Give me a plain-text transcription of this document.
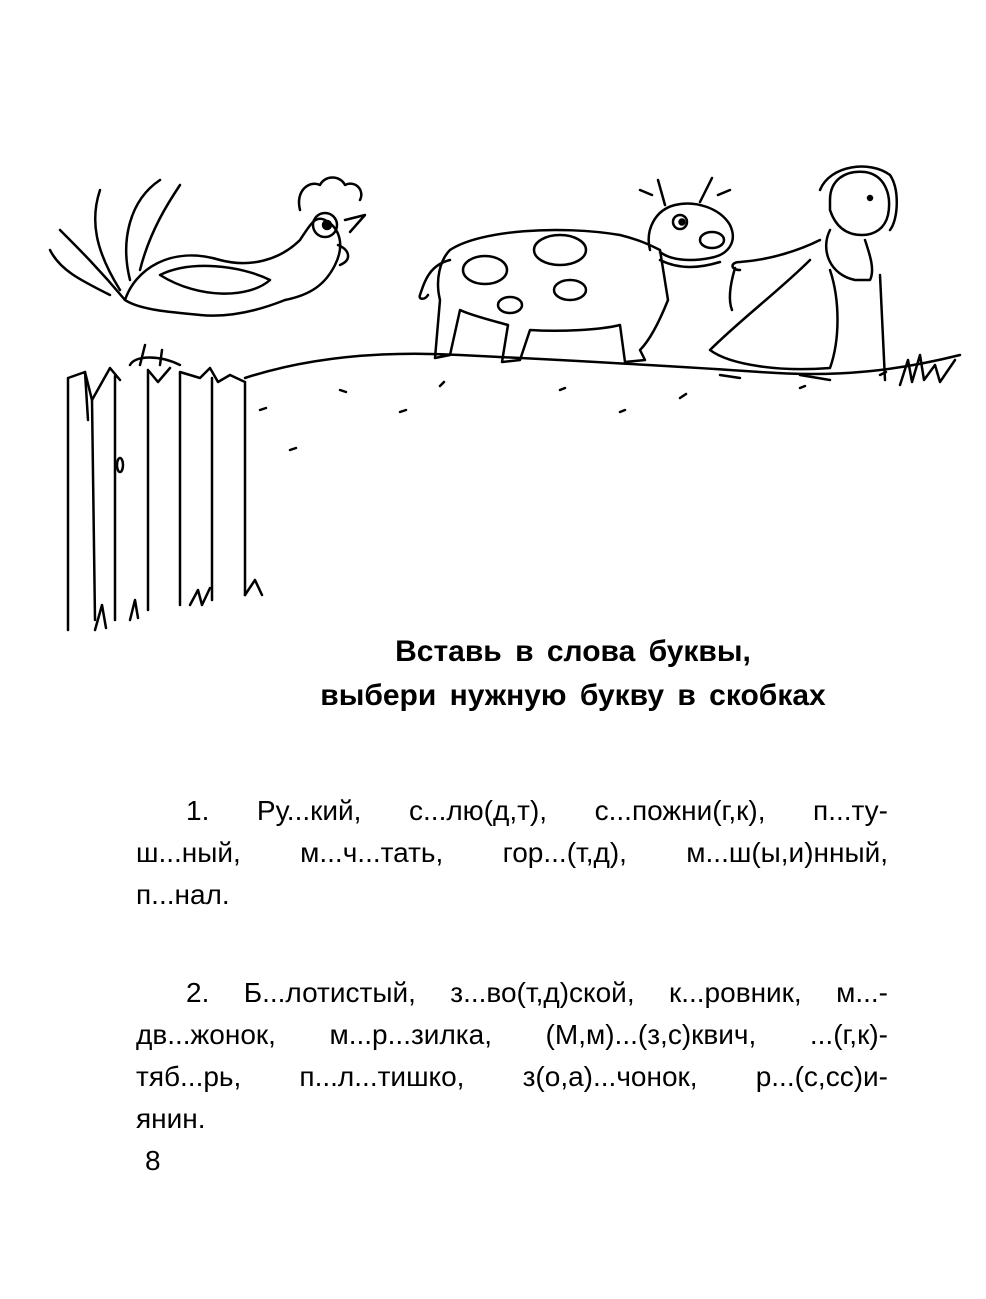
Вставь в слова буквы,
выбери нужную букву в скобках
1. Ру...кий, с...лю(д,т), с...пожни(г,к), п...ту-
ш...ный, м...ч...тать, гор...(т,д), м...ш(ы,и)нный,
п...нал.
2. Б...лотистый, з...во(т,д)ской, к...ровник, м...-
дв...жонок, м...р...зилка, (М,м)...(з,с)квич, ...(г,к)-
тяб...рь, п...л...тишко, з(о,а)...чонок, р...(с,сс)и-
янин.
8
